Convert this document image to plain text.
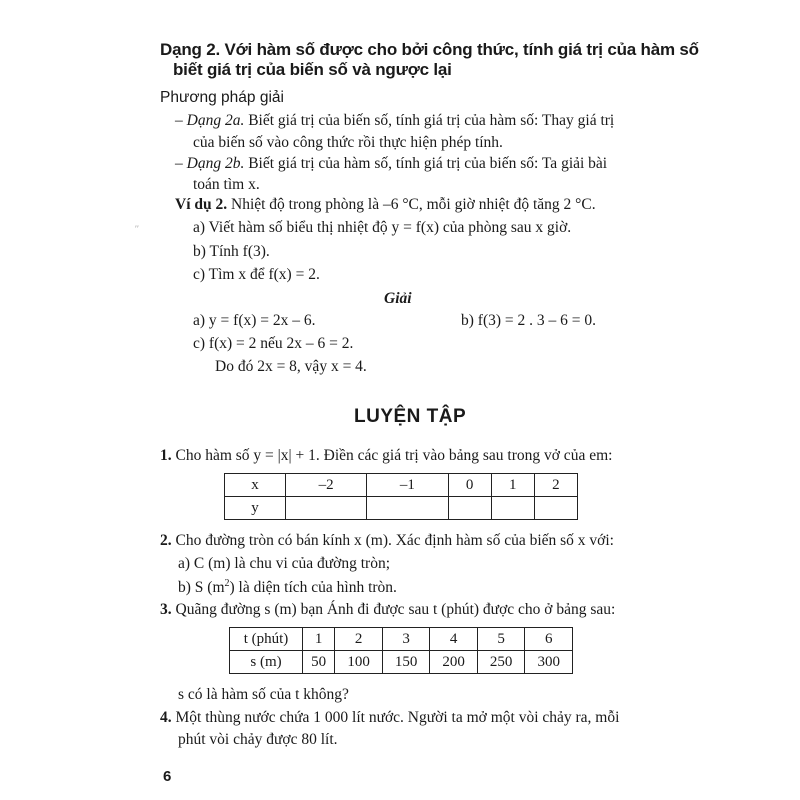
Dạng 2. Với hàm số được cho bởi công thức, tính giá trị của hàm số
biết giá trị của biến số và ngược lại
Phương pháp giải
– Dạng 2a. Biết giá trị của biến số, tính giá trị của hàm số: Thay giá trị
của biến số vào công thức rồi thực hiện phép tính.
– Dạng 2b. Biết giá trị của hàm số, tính giá trị của biến số: Ta giải bài
toán tìm x.
Ví dụ 2. Nhiệt độ trong phòng là –6 °C, mỗi giờ nhiệt độ tăng 2 °C.
a) Viết hàm số biểu thị nhiệt độ y = f(x) của phòng sau x giờ.
b) Tính f(3).
c) Tìm x để f(x) = 2.
Giải
a) y = f(x) = 2x – 6.	b) f(3) = 2 . 3 – 6 = 0.
c) f(x) = 2 nếu 2x – 6 = 2.
Do đó 2x = 8, vậy x = 4.
LUYỆN TẬP
1. Cho hàm số y = |x| + 1. Điền các giá trị vào bảng sau trong vở của em:
x	–2	–1	0	1	2
y					
2. Cho đường tròn có bán kính x (m). Xác định hàm số của biến số x với:
a) C (m) là chu vi của đường tròn;
b) S $(m^2)$ là diện tích của hình tròn.
3. Quãng đường s (m) bạn Ánh đi được sau t (phút) được cho ở bảng sau:
t (phút)	1	2	3	4	5	6
s (m)	50	100	150	200	250	300
s có là hàm số của t không?
4. Một thùng nước chứa 1 000 lít nước. Người ta mở một vòi chảy ra, mỗi
phút vòi chảy được 80 lít.
6
′′
